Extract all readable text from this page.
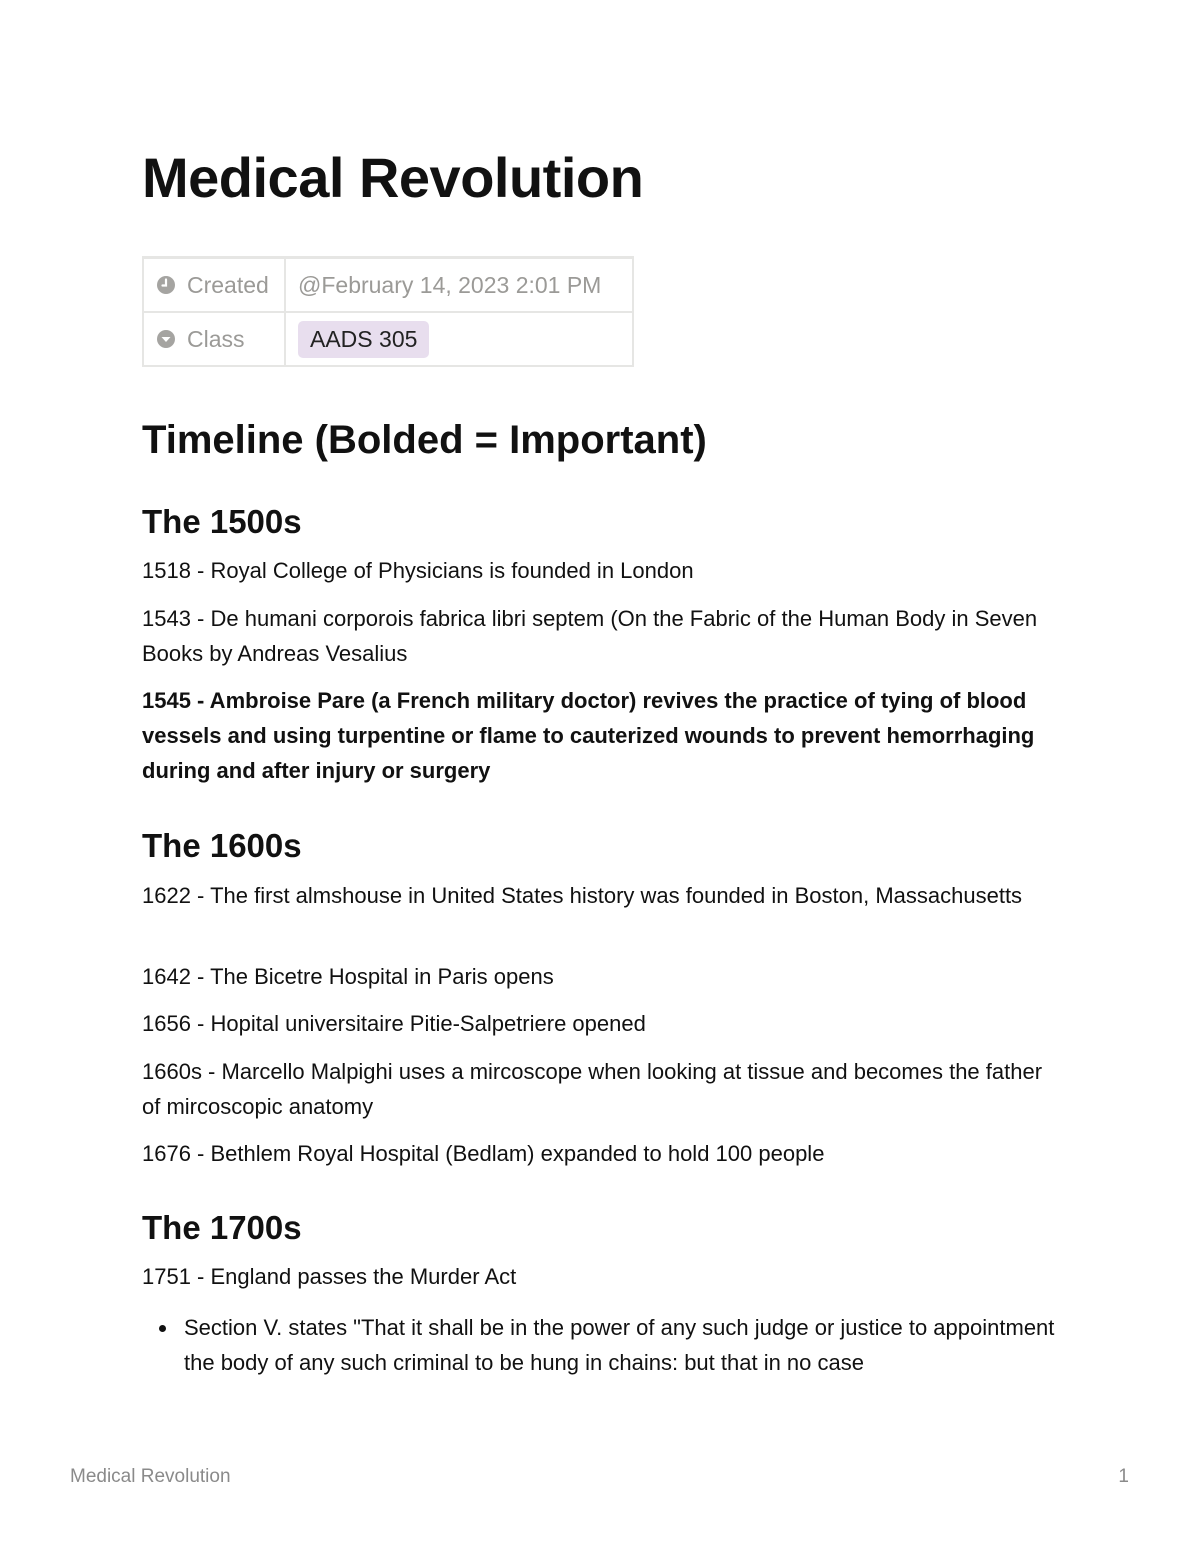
Medical Revolution
Created	@February 14, 2023 2:01 PM

Class	AADS 305
Timeline (Bolded = Important)
The 1500s

1518 - Royal College of Physicians is founded in London

1543 - De humani corporois fabrica libri septem (On the Fabric of the Human Body in Seven Books by Andreas Vesalius

1545 - Ambroise Pare (a French military doctor) revives the practice of tying of blood vessels and using turpentine or flame to cauterized wounds to prevent hemorrhaging during and after injury or surgery

The 1600s

1622 - The first almshouse in United States history was founded in Boston, Massachusetts

1642 - The Bicetre Hospital in Paris opens

1656 - Hopital universitaire Pitie-Salpetriere opened

1660s - Marcello Malpighi uses a mircoscope when looking at tissue and becomes the father of mircoscopic anatomy

1676 - Bethlem Royal Hospital (Bedlam) expanded to hold 100 people

The 1700s

1751 - England passes the Murder Act

Section V. states "That it shall be in the power of any such judge or justice to appointment the body of any such criminal to be hung in chains: but that in no case

Medical Revolution	1
